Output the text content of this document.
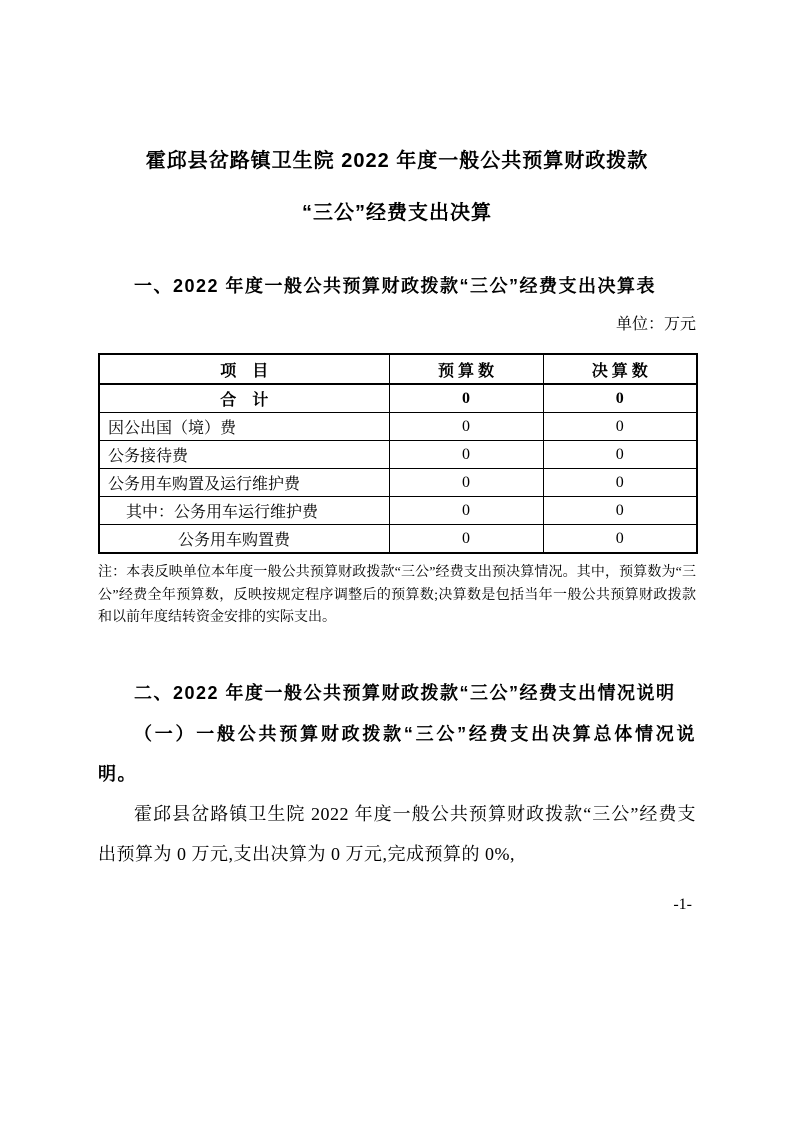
霍邱县岔路镇卫生院 2022 年度一般公共预算财政拨款
“三公”经费支出决算

一、2022 年度一般公共预算财政拨款“三公”经费支出决算表

单位：万元

项    目	预 算 数	决 算 数
合    计	0	0
因公出国（境）费	0	0
公务接待费	0	0
公务用车购置及运行维护费	0	0
其中：公务用车运行维护费	0	0
公务用车购置费	0	0

注：本表反映单位本年度一般公共预算财政拨款“三公”经费支出预决算情况。其中，预算数为“三公”经费全年预算数，反映按规定程序调整后的预算数;决算数是包括当年一般公共预算财政拨款和以前年度结转资金安排的实际支出。

二、2022 年度一般公共预算财政拨款“三公”经费支出情况说明

（一）一般公共预算财政拨款“三公”经费支出决算总体情况说明。

霍邱县岔路镇卫生院 2022 年度一般公共预算财政拨款“三公”经费支出预算为 0 万元,支出决算为 0 万元,完成预算的 0%,

-1-
